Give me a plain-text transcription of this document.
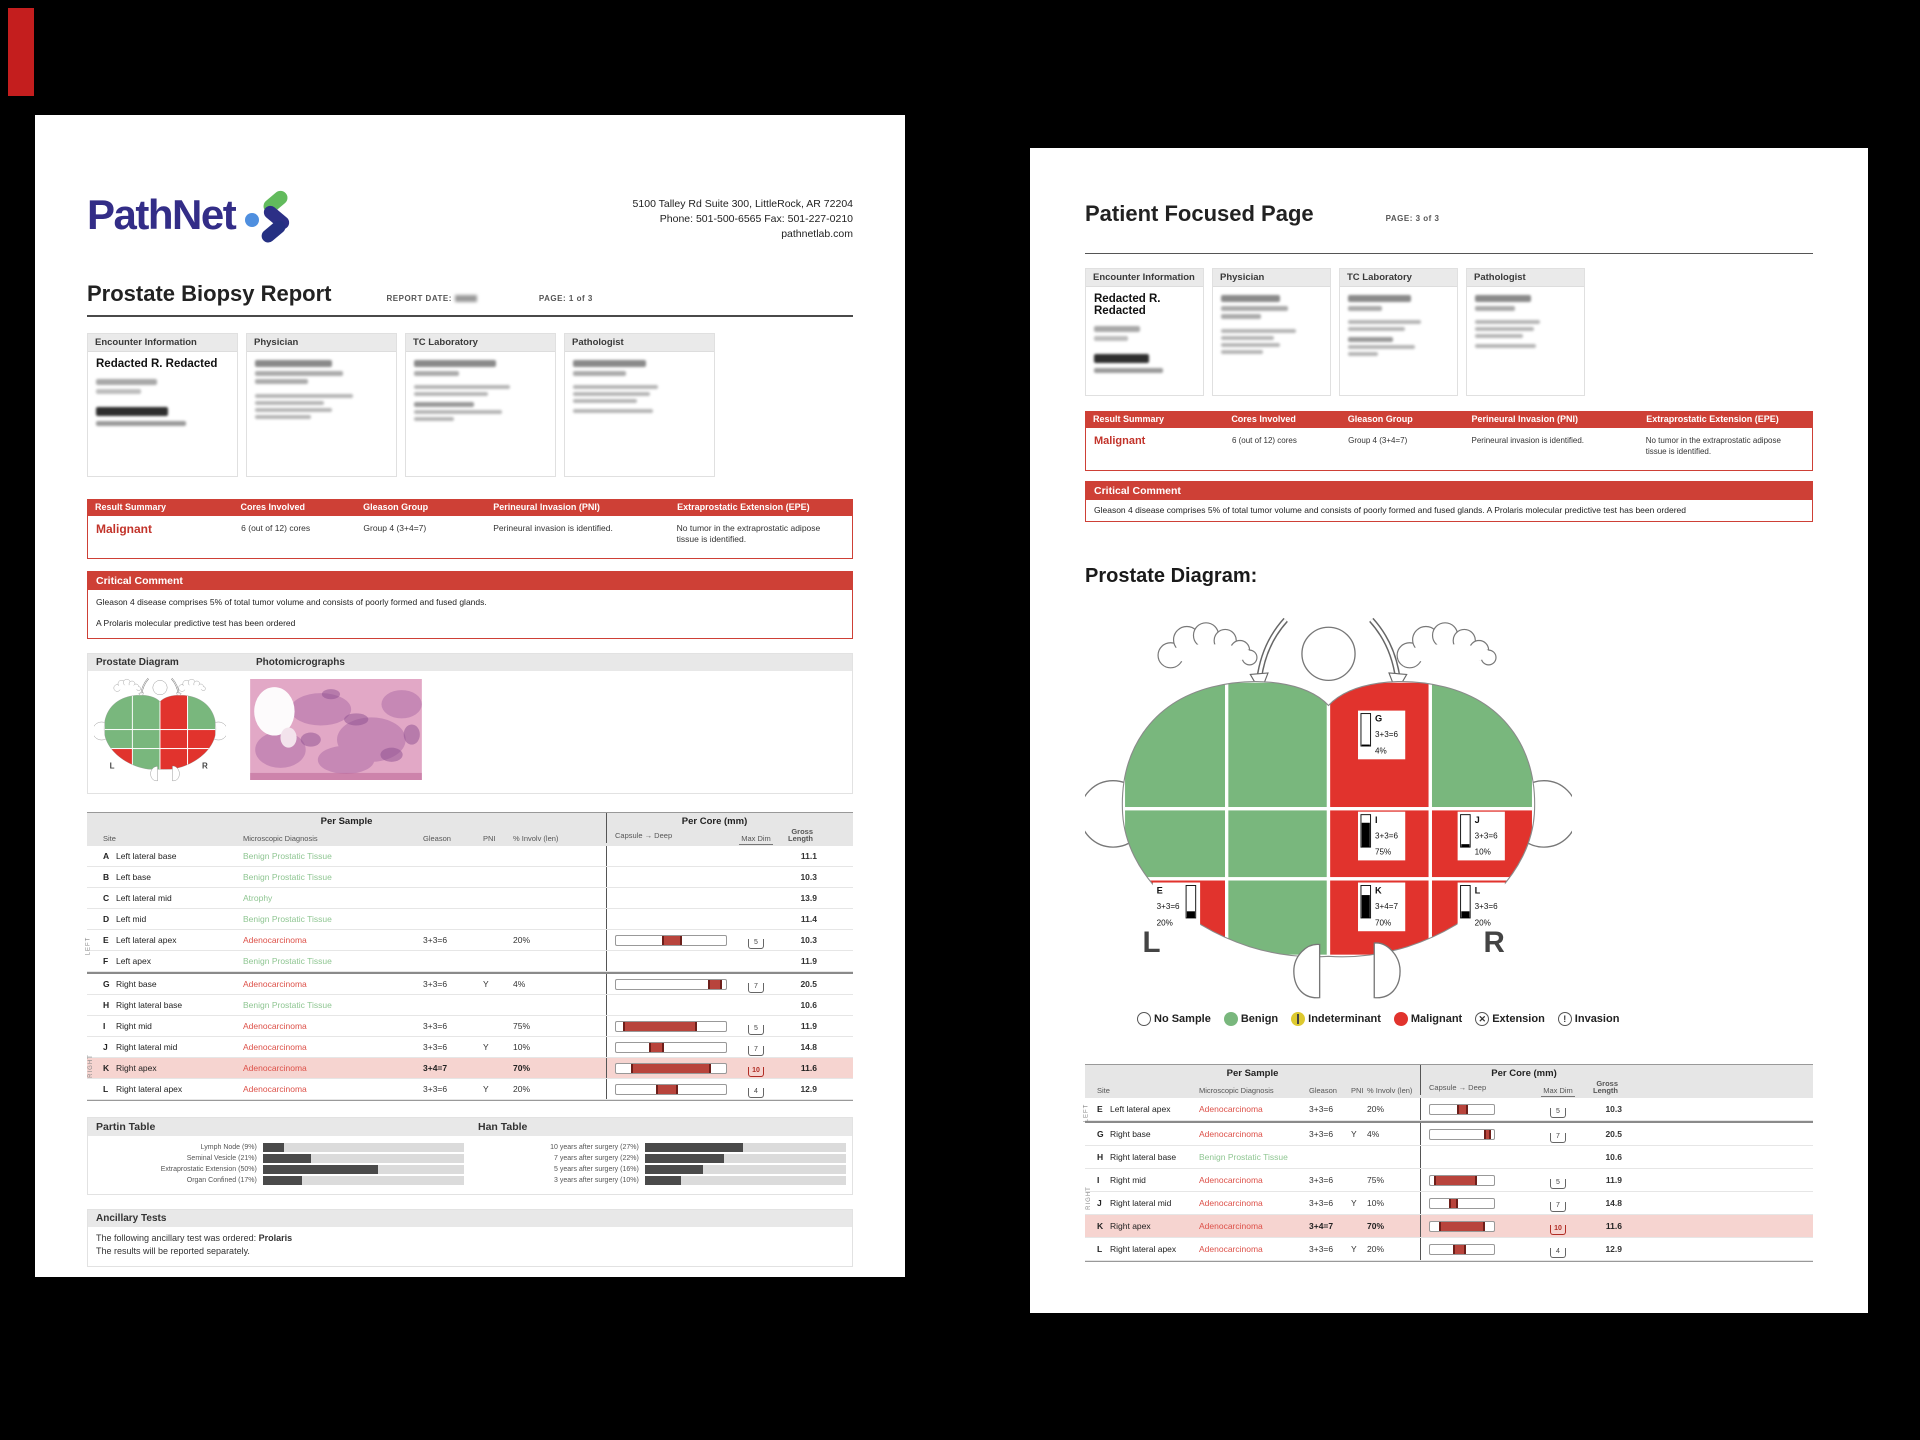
PathNet	5100 Talley Rd Suite 300, LittleRock, AR 72204
Phone: 501-500-6565 Fax: 501-227-0210
pathnetlab.com
Prostate Biopsy Report	REPORT DATE:	PAGE: 1 of 3
Encounter Information
Redacted R. Redacted
Physician	TC Laboratory	Pathologist
Result Summary	Cores Involved	Gleason Group	Perineural Invasion (PNI)	Extraprostatic Extension (EPE)
Malignant	6 (out of 12) cores	Group 4 (3+4=7)	Perineural invasion is identified.	No tumor in the extraprostatic adipose tissue is identified.
Critical Comment
Gleason 4 disease comprises 5% of total tumor volume and consists of poorly formed and fused glands.
A Prolaris molecular predictive test has been ordered
Prostate Diagram	Photomicrographs
L R
Per Sample	Per Core (mm)
Site	Microscopic Diagnosis	Gleason	PNI	% Involv (len)	Capsule → Deep	Max Dim
Gross
Length
A Left lateral base	Benign Prostatic Tissue	11.1
B Left base	Benign Prostatic Tissue	10.3
C Left lateral mid	Atrophy	13.9
D Left mid	Benign Prostatic Tissue	11.4
E Left lateral apex	Adenocarcinoma	3+3=6	20%	5	10.3
F Left apex	Benign Prostatic Tissue	11.9
G Right base	Adenocarcinoma	3+3=6	Y	4%	7	20.5
H Right lateral base	Benign Prostatic Tissue	10.6
I Right mid	Adenocarcinoma	3+3=6	75%	5	11.9
J Right lateral mid	Adenocarcinoma	3+3=6	Y	10%	7	14.8
K Right apex	Adenocarcinoma	3+4=7	70%	10	11.6
L Right lateral apex	Adenocarcinoma	3+3=6	Y	20%	4	12.9
LEFT
RIGHT
Partin Table	Han Table
Lymph Node (9%)
Seminal Vesicle (21%)
Extraprostatic Extension (50%)
Organ Confined (17%)
10 years after surgery (27%)
7 years after surgery (22%)
5 years after surgery (16%)
3 years after surgery (10%)
Ancillary Tests
The following ancillary test was ordered: Prolaris
The results will be reported separately.
Patient Focused Page	PAGE: 3 of 3
Encounter Information
Redacted R. Redacted
Physician	TC Laboratory	Pathologist
Result Summary	Cores Involved	Gleason Group	Perineural Invasion (PNI)	Extraprostatic Extension (EPE)
Malignant	6 (out of 12) cores	Group 4 (3+4=7)	Perineural invasion is identified.	No tumor in the extraprostatic adipose tissue is identified.
Critical Comment
Gleason 4 disease comprises 5% of total tumor volume and consists of poorly formed and fused glands. A Prolaris molecular predictive test has been ordered
Prostate Diagram:
G
3+3=6
4%
I
3+3=6
75%
J
3+3=6
10%
E
3+3=6
20%
K
3+4=7
70%
L
3+3=6
20%
L	R
No Sample	Benign	Indeterminant	Malignant	✕ Extension	! Invasion
Per Sample	Per Core (mm)
Site	Microscopic Diagnosis	Gleason	PNI % Involv (len)	Capsule → Deep	Max Dim
Gross
Length
E Left lateral apex	Adenocarcinoma	3+3=6	20%	5	10.3
G Right base	Adenocarcinoma	3+3=6	Y	4%	7	20.5
H Right lateral base	Benign Prostatic Tissue	10.6
I Right mid	Adenocarcinoma	3+3=6	75%	5	11.9
J Right lateral mid	Adenocarcinoma	3+3=6	Y	10%	7	14.8
K Right apex	Adenocarcinoma	3+4=7	70%	10	11.6
L Right lateral apex	Adenocarcinoma	3+3=6	Y	20%	4	12.9
LEFT
RIGHT
